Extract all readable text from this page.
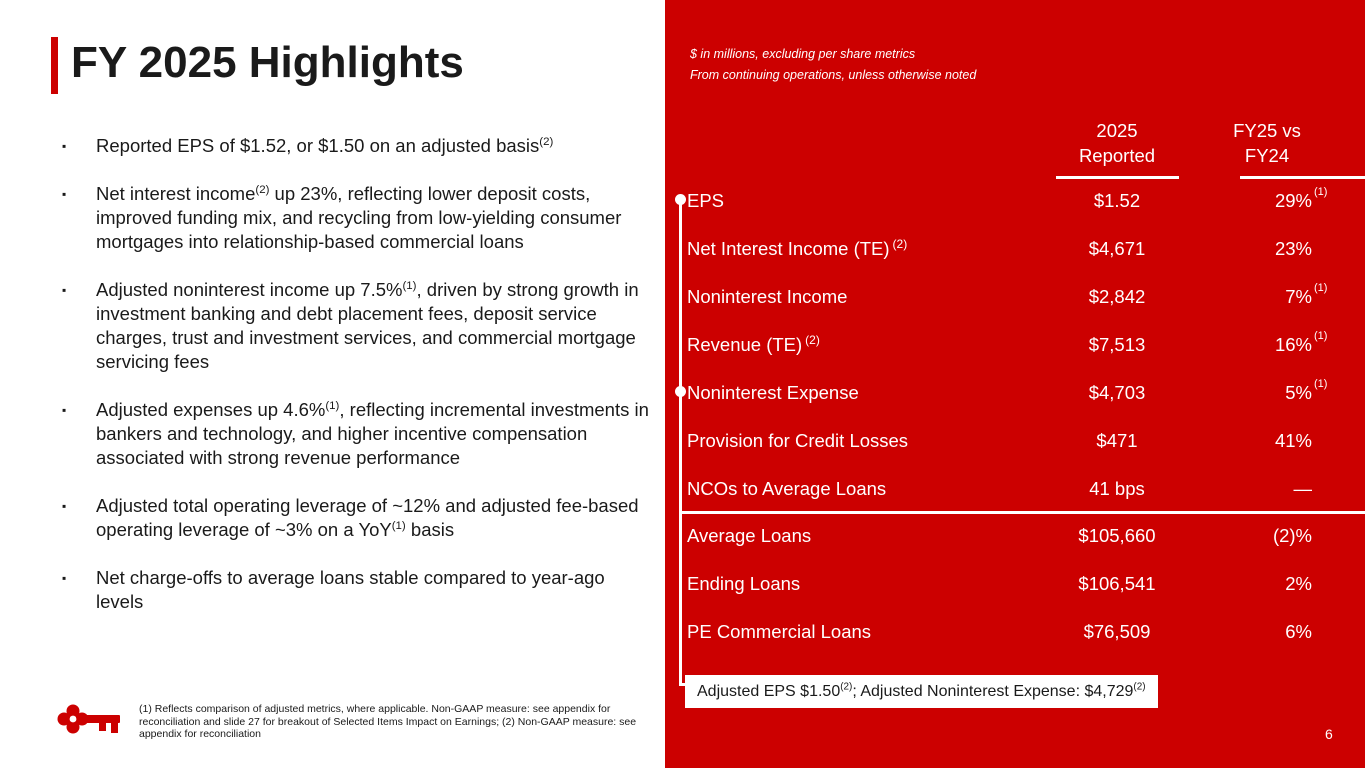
FY 2025 Highlights
▪ Reported EPS of $1.52, or $1.50 on an adjusted basis$^{(2)}$
▪ Net interest income$^{(2)}$ up 23%, reflecting lower deposit costs, improved funding mix, and recycling from low-yielding consumer mortgages into relationship-based commercial loans
▪ Adjusted noninterest income up 7.5%$^{(1)}$, driven by strong growth in investment banking and debt placement fees, deposit service charges, trust and investment services, and commercial mortgage servicing fees
▪ Adjusted expenses up 4.6%$^{(1)}$, reflecting incremental investments in bankers and technology, and higher incentive compensation associated with strong revenue performance
▪ Adjusted total operating leverage of ~12% and adjusted fee-based operating leverage of ~3% on a YoY$^{(1)}$ basis
▪ Net charge-offs to average loans stable compared to year-ago levels
(1) Reflects comparison of adjusted metrics, where applicable. Non-GAAP measure: see appendix for reconciliation and slide 27 for breakout of Selected Items Impact on Earnings; (2) Non-GAAP measure: see appendix for reconciliation
$ in millions, excluding per share metrics
From continuing operations, unless otherwise noted
2025
Reported
FY25 vs
FY24
EPS	$1.52	29% (1)
Net Interest Income (TE) $^{(2)}$	$4,671	23%
Noninterest Income	$2,842	7% (1)
Revenue (TE) $^{(2)}$	$7,513	16% (1)
Noninterest Expense	$4,703	5% (1)
Provision for Credit Losses	$471	41%
NCOs to Average Loans	41 bps	—
Average Loans	$105,660	(2)%
Ending Loans	$106,541	2%
PE Commercial Loans	$76,509	6%
Adjusted EPS $1.50$^{(2)}$; Adjusted Noninterest Expense: $4,729$^{(2)}$
6
